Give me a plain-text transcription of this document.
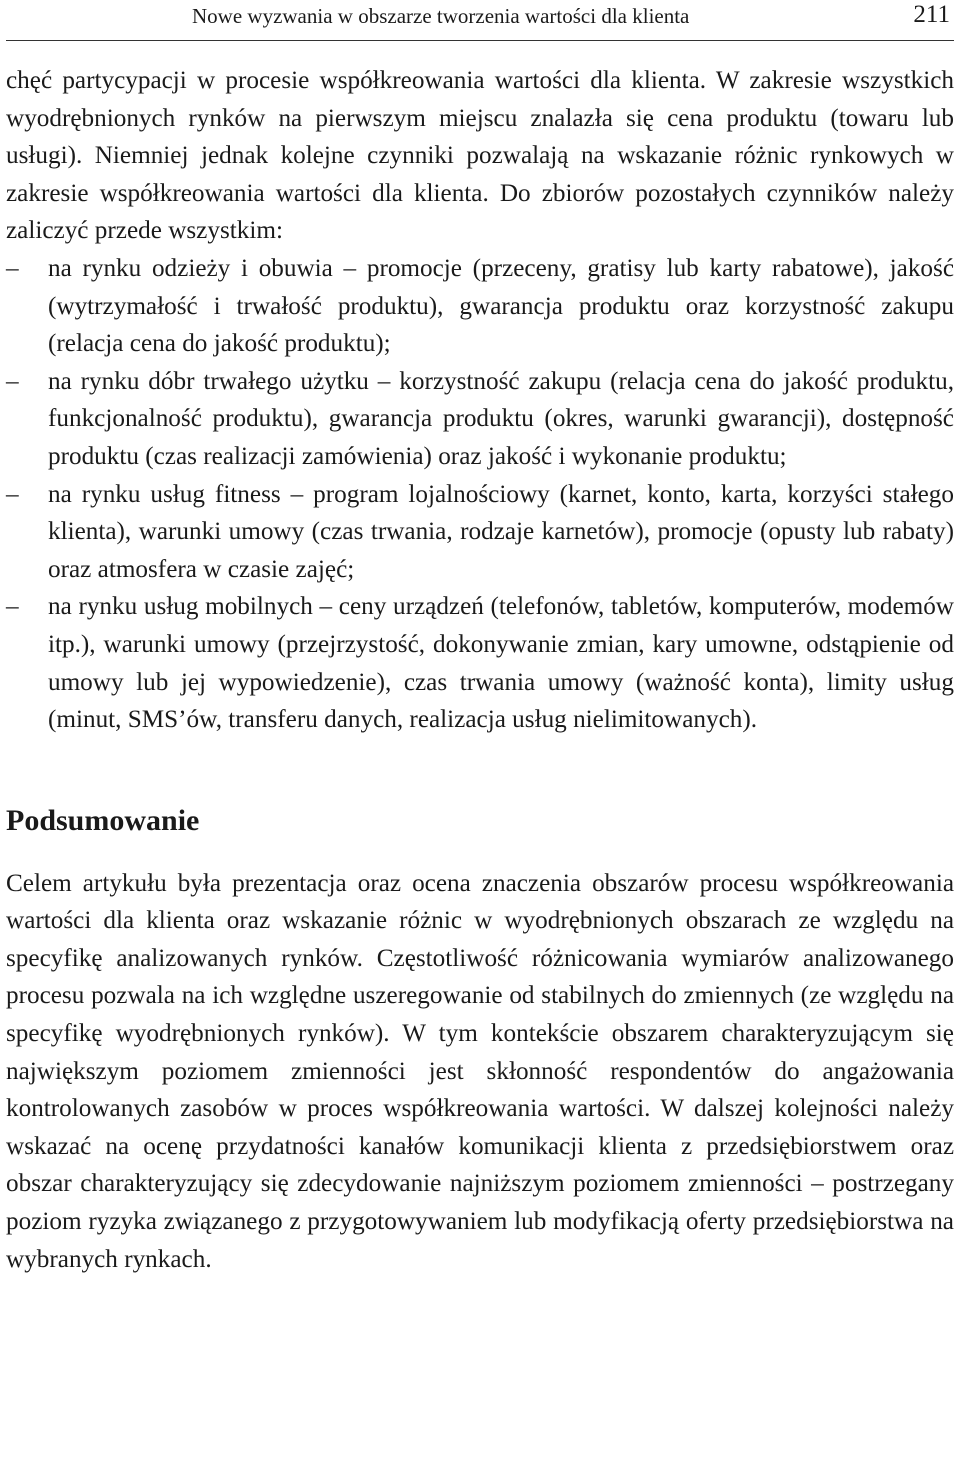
Nowe wyzwania w obszarze tworzenia wartości dla klienta	211

chęć partycypacji w procesie współkreowania wartości dla klienta. W zakresie wszystkich wyodrębnionych rynków na pierwszym miejscu znalazła się cena produktu (towaru lub usługi). Niemniej jednak kolejne czynniki pozwalają na wskazanie różnic rynkowych w zakresie współkreowania wartości dla klienta. Do zbiorów pozostałych czynników należy zaliczyć przede wszystkim:

–	na rynku odzieży i obuwia – promocje (przeceny, gratisy lub karty rabatowe), jakość (wytrzymałość i trwałość produktu), gwarancja produktu oraz korzystność zakupu (relacja cena do jakość produktu);
–	na rynku dóbr trwałego użytku – korzystność zakupu (relacja cena do jakość produktu, funkcjonalność produktu), gwarancja produktu (okres, warunki gwarancji), dostępność produktu (czas realizacji zamówienia) oraz jakość i wykonanie produktu;
–	na rynku usług fitness – program lojalnościowy (karnet, konto, karta, korzyści stałego klienta), warunki umowy (czas trwania, rodzaje karnetów), promocje (opusty lub rabaty) oraz atmosfera w czasie zajęć;
–	na rynku usług mobilnych – ceny urządzeń (telefonów, tabletów, komputerów, modemów itp.), warunki umowy (przejrzystość, dokonywanie zmian, kary umowne, odstąpienie od umowy lub jej wypowiedzenie), czas trwania umowy (ważność konta), limity usług (minut, SMS’ów, transferu danych, realizacja usług nielimitowanych).
Podsumowanie

Celem artykułu była prezentacja oraz ocena znaczenia obszarów procesu współkreowania wartości dla klienta oraz wskazanie różnic w wyodrębnionych obszarach ze względu na specyfikę analizowanych rynków. Częstotliwość różnicowania wymiarów analizowanego procesu pozwala na ich względne uszeregowanie od stabilnych do zmiennych (ze względu na specyfikę wyodrębnionych rynków). W tym kontekście obszarem charakteryzującym się największym poziomem zmienności jest skłonność respondentów do angażowania kontrolowanych zasobów w proces współkreowania wartości. W dalszej kolejności należy wskazać na ocenę przydatności kanałów komunikacji klienta z przedsiębiorstwem oraz obszar charakteryzujący się zdecydowanie najniższym poziomem zmienności – postrzegany poziom ryzyka związanego z przygotowywaniem lub modyfikacją oferty przedsiębiorstwa na wybranych rynkach.
